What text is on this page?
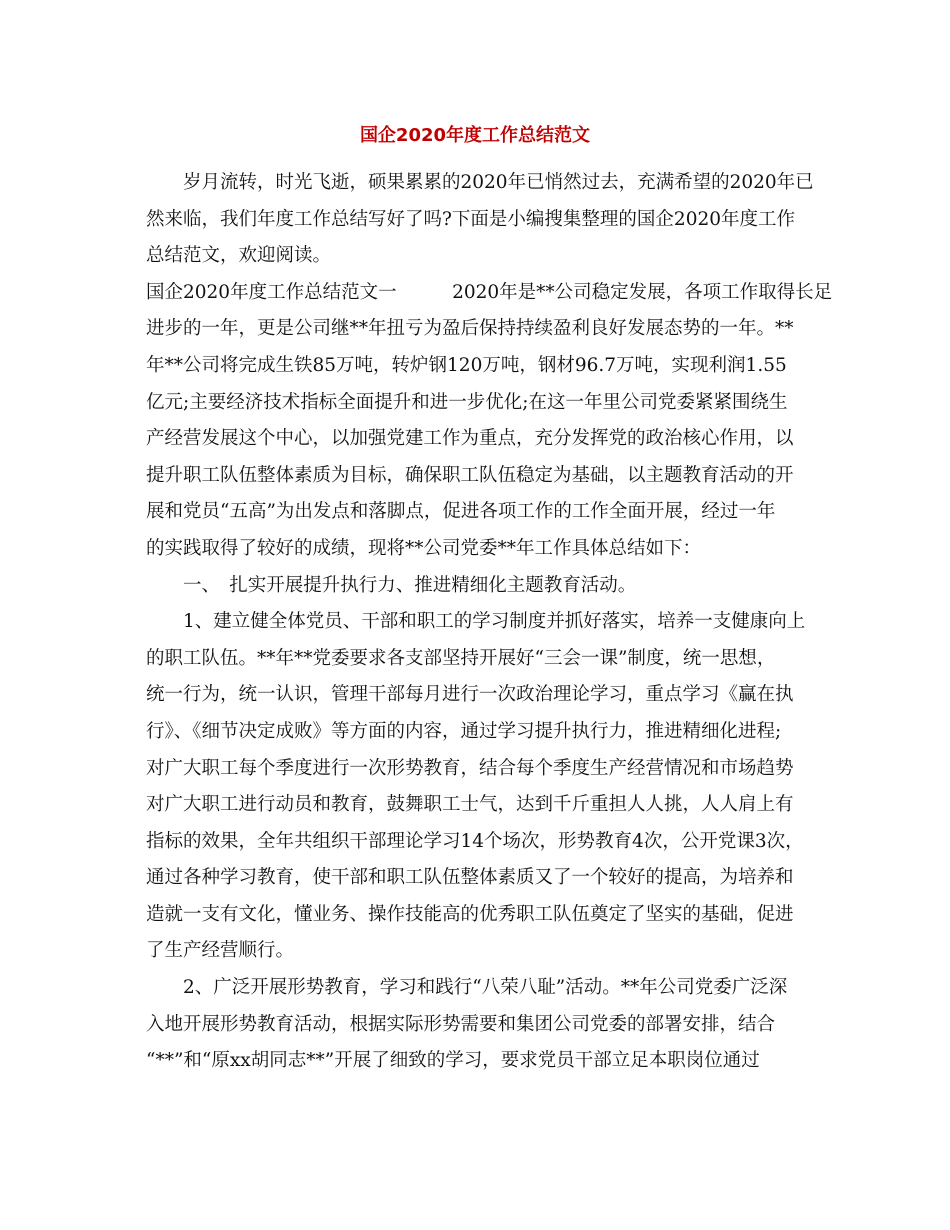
国企2020年度工作总结范文
岁月流转，时光飞逝，硕果累累的2020年已悄然过去，充满希望的2020年已
然来临，我们年度工作总结写好了吗?下面是小编搜集整理的国企2020年度工作
总结范文，欢迎阅读。
国企2020年度工作总结范文一　　　2020年是**公司稳定发展，各项工作取得长足
进步的一年，更是公司继**年扭亏为盈后保持持续盈利良好发展态势的一年。**
年**公司将完成生铁85万吨，转炉钢120万吨，钢材96.7万吨，实现利润1.55
亿元;主要经济技术指标全面提升和进一步优化;在这一年里公司党委紧紧围绕生
产经营发展这个中心，以加强党建工作为重点，充分发挥党的政治核心作用，以
提升职工队伍整体素质为目标，确保职工队伍稳定为基础，以主题教育活动的开
展和党员“五高”为出发点和落脚点，促进各项工作的工作全面开展，经过一年
的实践取得了较好的成绩，现将**公司党委**年工作具体总结如下：
一、　扎实开展提升执行力、推进精细化主题教育活动。
1、建立健全体党员、干部和职工的学习制度并抓好落实，培养一支健康向上
的职工队伍。**年**党委要求各支部坚持开展好“三会一课”制度，统一思想，
统一行为，统一认识，管理干部每月进行一次政治理论学习，重点学习《赢在执
行》、《细节决定成败》等方面的内容，通过学习提升执行力，推进精细化进程;
对广大职工每个季度进行一次形势教育，结合每个季度生产经营情况和市场趋势
对广大职工进行动员和教育，鼓舞职工士气，达到千斤重担人人挑，人人肩上有
指标的效果，全年共组织干部理论学习14个场次，形势教育4次，公开党课3次，
通过各种学习教育，使干部和职工队伍整体素质又了一个较好的提高，为培养和
造就一支有文化，懂业务、操作技能高的优秀职工队伍奠定了坚实的基础，促进
了生产经营顺行。
2、广泛开展形势教育，学习和践行“八荣八耻”活动。**年公司党委广泛深
入地开展形势教育活动，根据实际形势需要和集团公司党委的部署安排，结合
“**”和“原xx胡同志**”开展了细致的学习，要求党员干部立足本职岗位通过
